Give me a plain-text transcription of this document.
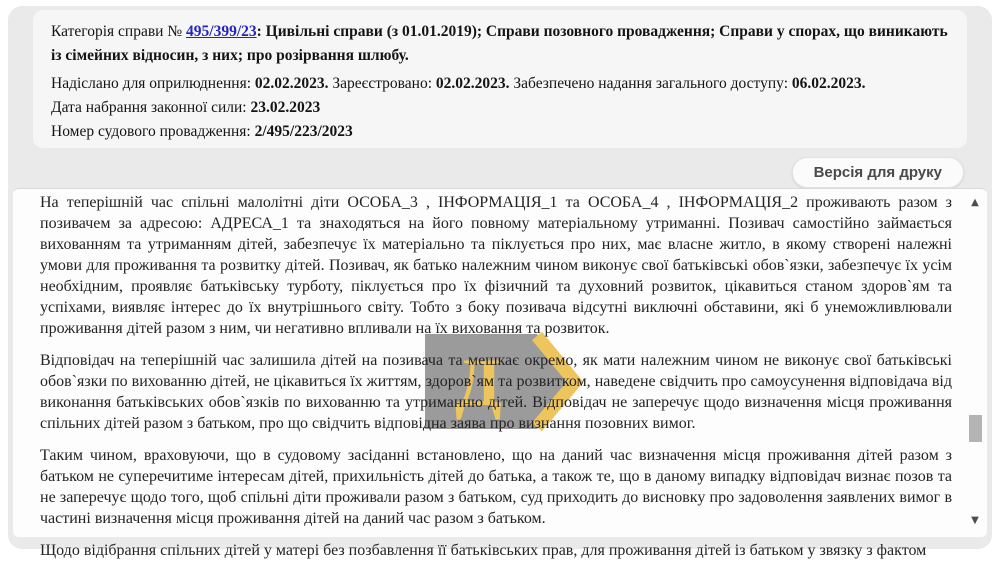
Категорія справи № 495/399/23: Цивільні справи (з 01.01.2019); Справи позовного провадження; Справи у спорах, що виникають із сімейних відносин, з них; про розірвання шлюбу.

Надіслано для оприлюднення: 02.02.2023. Зареєстровано: 02.02.2023. Забезпечено надання загального доступу: 06.02.2023.

Дата набрання законної сили: 23.02.2023

Номер судового провадження: 2/495/223/2023

Версія для друку
Д

На теперішній час спільні малолітні діти ОСОБА_3 , ІНФОРМАЦІЯ_1 та ОСОБА_4 , ІНФОРМАЦІЯ_2 проживають разом з позивачем за адресою: АДРЕСА_1 та знаходяться на його повному матеріальному утриманні. Позивач самостійно займається вихованням та утриманням дітей, забезпечує їх матеріально та піклується про них, має власне житло, в якому створені належні умови для проживання та розвитку дітей. Позивач, як батько належним чином виконує свої батьківські обов`язки, забезпечує їх усім необхідним, проявляє батьківську турботу, піклується про їх фізичний та духовний розвиток, цікавиться станом здоров`ям та успіхами, виявляє інтерес до їх внутрішнього світу. Тобто з боку позивача відсутні виключні обставини, які б унеможливлювали проживання дітей разом з ним, чи негативно впливали на їх виховання та розвиток.

Відповідач на теперішній час залишила дітей на позивача та мешкає окремо, як мати належним чином не виконує свої батьківські обов`язки по вихованню дітей, не цікавиться їх життям, здоров`ям та розвитком, наведене свідчить про самоусунення відповідача від виконання батьківських обов`язків по вихованню та утриманню дітей. Відповідач не заперечує щодо визначення місця проживання спільних дітей разом з батьком, про що свідчить відповідна заява про визнання позовних вимог.

Таким чином, враховуючи, що в судовому засіданні встановлено, що на даний час визначення місця проживання дітей разом з батьком не суперечитиме інтересам дітей, прихильність дітей до батька, а також те, що в даному випадку відповідач визнає позов та не заперечує щодо того, щоб спільні діти проживали разом з батьком, суд приходить до висновку про задоволення заявлених вимог в частині визначення місця проживання дітей на даний час разом з батьком.

Щодо відібрання спільних дітей у матері без позбавлення її батьківських прав, для проживання дітей із батьком у звязку з фактом

▲
▼
